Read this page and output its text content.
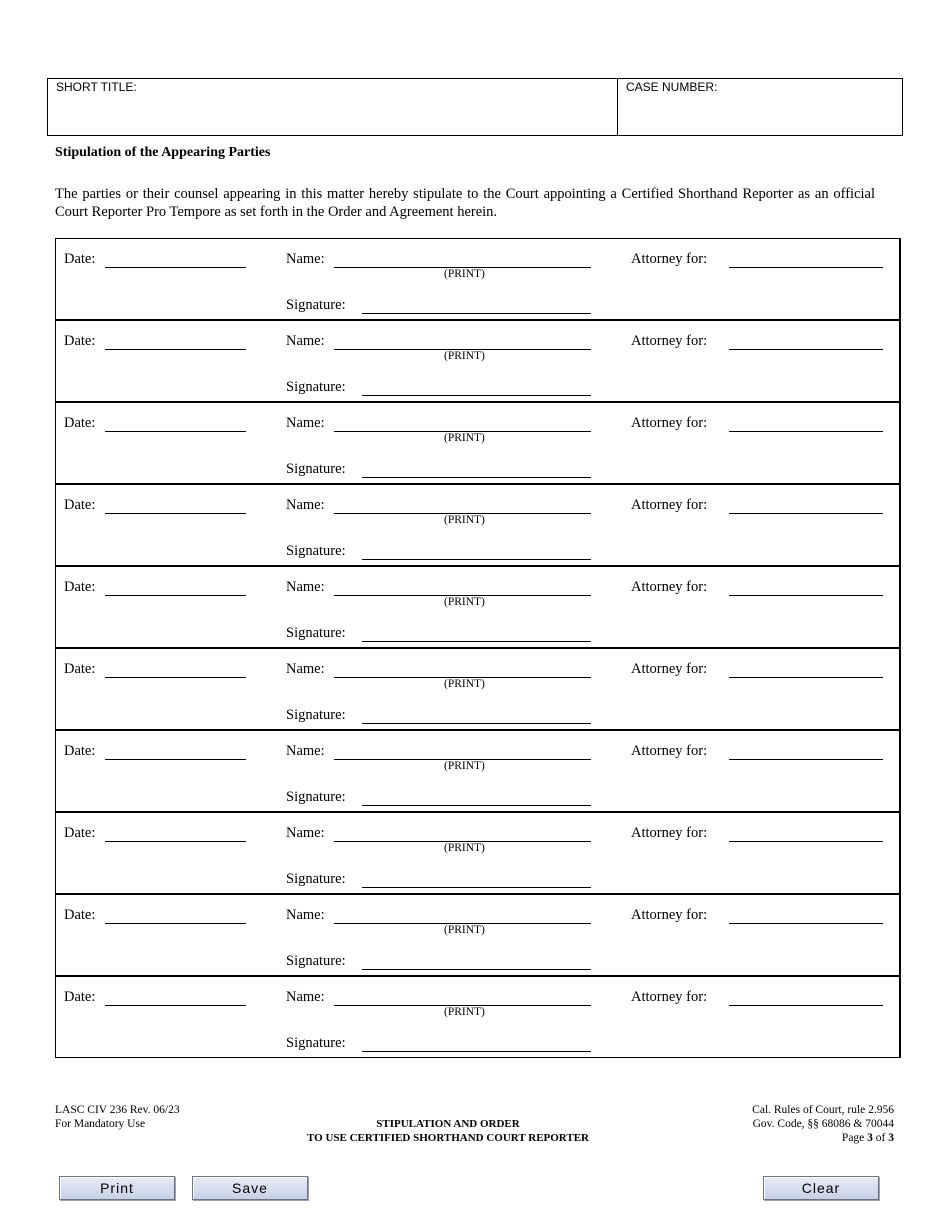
SHORT TITLE:	CASE NUMBER:
Stipulation of the Appearing Parties
The parties or their counsel appearing in this matter hereby stipulate to the Court appointing a Certified Shorthand Reporter as an official Court Reporter Pro Tempore as set forth in the Order and Agreement herein.
Date:	Name:
(PRINT)
Attorney for:
Signature:
Date:	Name:
(PRINT)
Attorney for:
Signature:
Date:	Name:
(PRINT)
Attorney for:
Signature:
Date:	Name:
(PRINT)
Attorney for:
Signature:
Date:	Name:
(PRINT)
Attorney for:
Signature:
Date:	Name:
(PRINT)
Attorney for:
Signature:
Date:	Name:
(PRINT)
Attorney for:
Signature:
Date:	Name:
(PRINT)
Attorney for:
Signature:
Date:	Name:
(PRINT)
Attorney for:
Signature:
Date:	Name:
(PRINT)
Attorney for:
Signature:
LASC CIV 236 Rev. 06/23
For Mandatory Use	STIPULATION AND ORDER
TO USE CERTIFIED SHORTHAND COURT REPORTER
Cal. Rules of Court, rule 2.956
Gov. Code, §§ 68086 & 70044
Page 3 of 3
Print	Save	Clear
